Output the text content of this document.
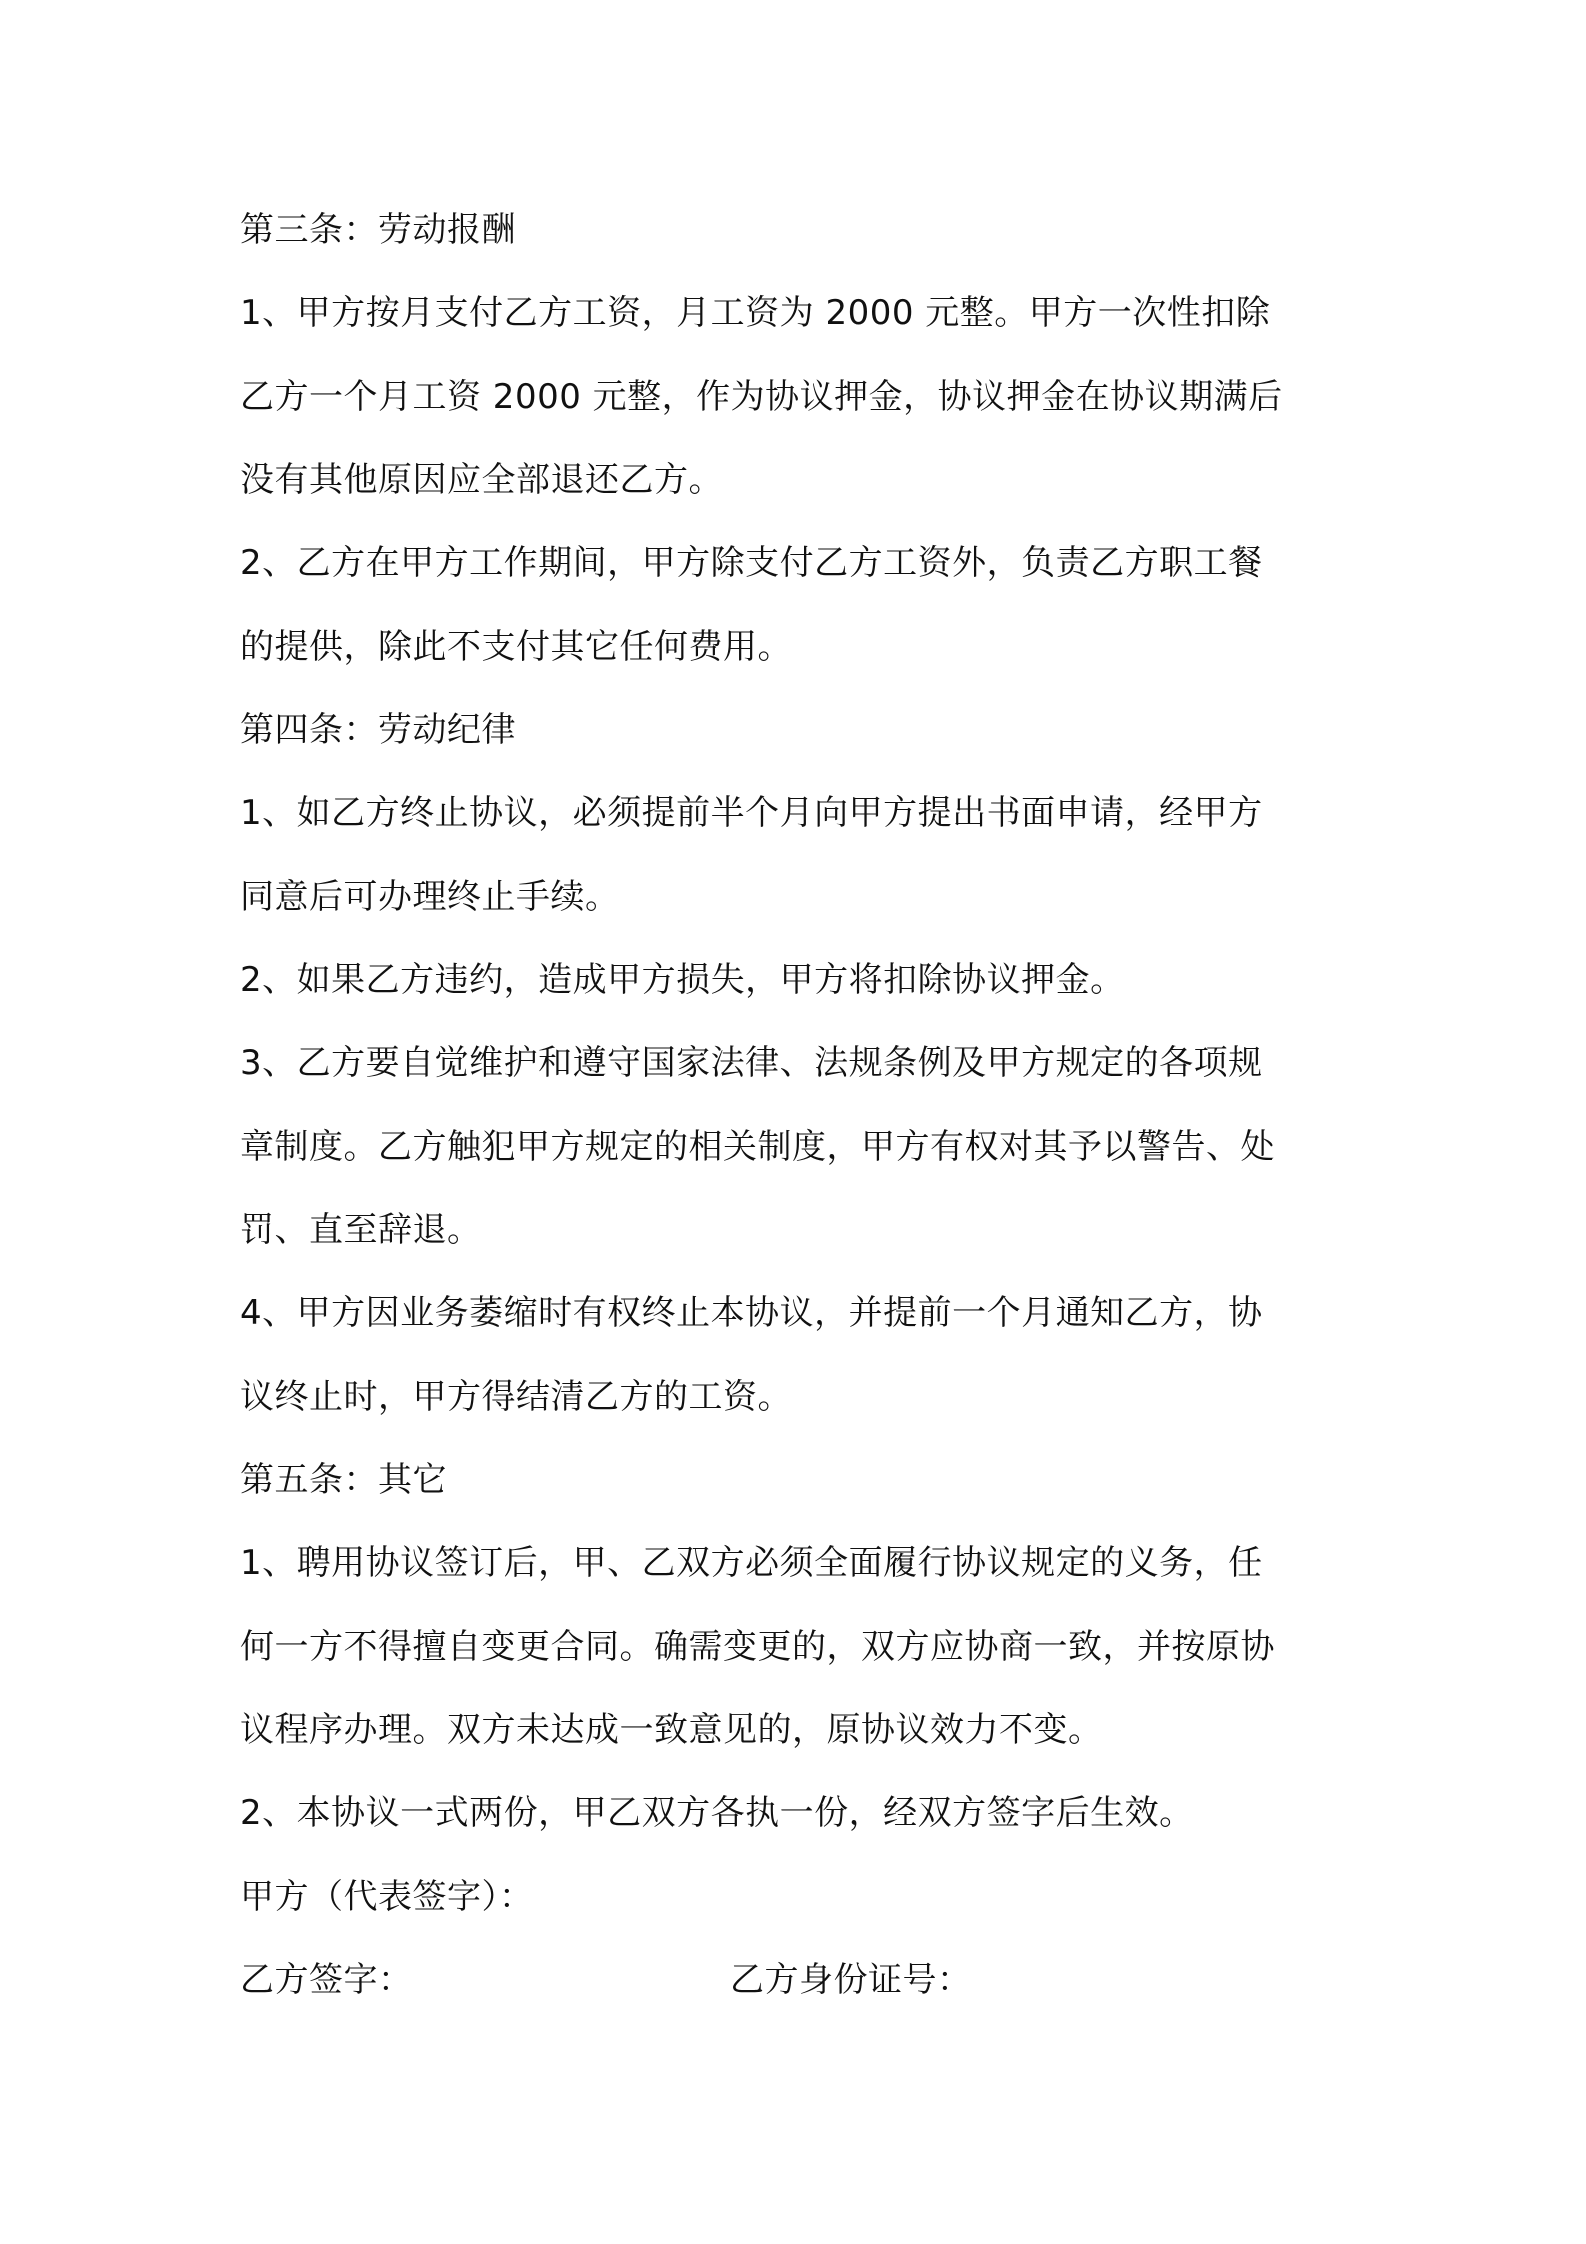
第三条：劳动报酬
1、甲方按月支付乙方工资，月工资为 2000 元整。甲方一次性扣除
乙方一个月工资 2000 元整，作为协议押金，协议押金在协议期满后
没有其他原因应全部退还乙方。
2、乙方在甲方工作期间，甲方除支付乙方工资外，负责乙方职工餐
的提供，除此不支付其它任何费用。
第四条：劳动纪律
1、如乙方终止协议，必须提前半个月向甲方提出书面申请，经甲方
同意后可办理终止手续。
2、如果乙方违约，造成甲方损失，甲方将扣除协议押金。
3、乙方要自觉维护和遵守国家法律、法规条例及甲方规定的各项规
章制度。乙方触犯甲方规定的相关制度，甲方有权对其予以警告、处
罚、直至辞退。
4、甲方因业务萎缩时有权终止本协议，并提前一个月通知乙方，协
议终止时，甲方得结清乙方的工资。
第五条：其它
1、聘用协议签订后，甲、乙双方必须全面履行协议规定的义务，任
何一方不得擅自变更合同。确需变更的，双方应协商一致，并按原协
议程序办理。双方未达成一致意见的，原协议效力不变。
2、本协议一式两份，甲乙双方各执一份，经双方签字后生效。
甲方（代表签字）：
乙方签字：	乙方身份证号：
